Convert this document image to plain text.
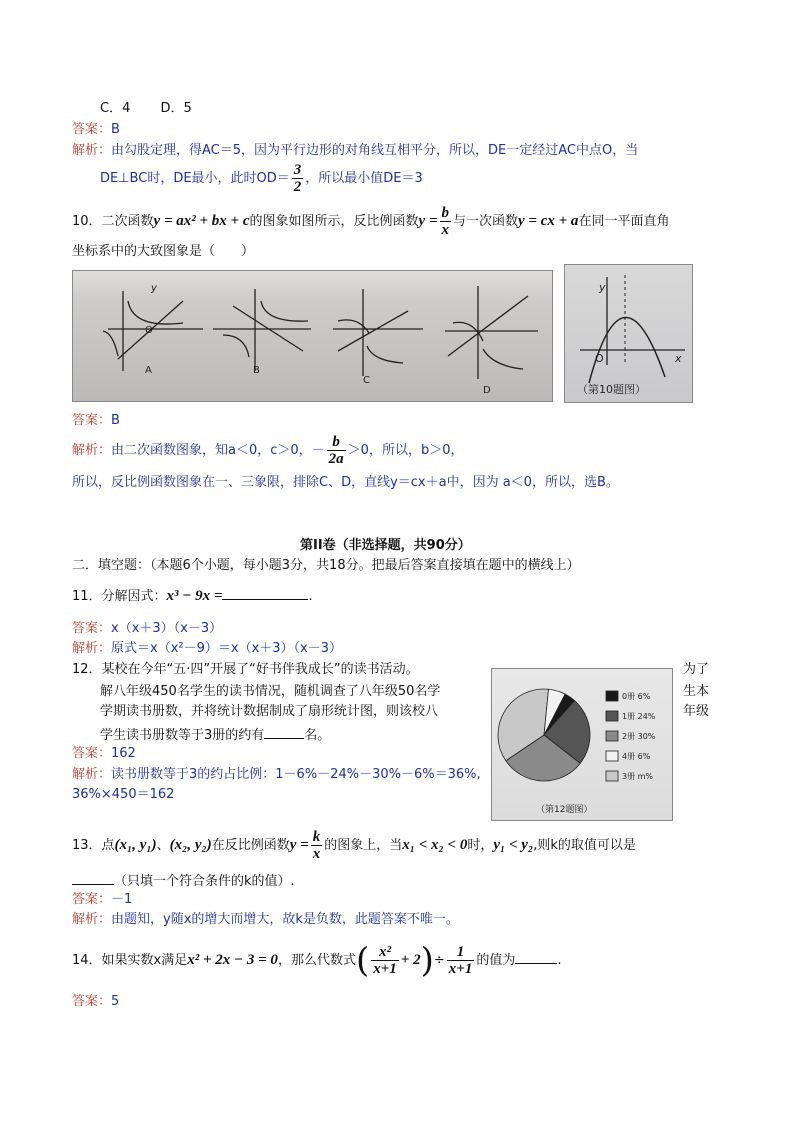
C．4　　 D．5
答案：B
解析：由勾股定理，得AC＝5，因为平行边形的对角线互相平分，所以，DE一定经过AC中点O，当
DE⊥BC时，DE最小，此时$OD= \frac{3}{2}$ ，所以最小值DE＝3
10．二次函数y = ax² + bx + c的图象如图所示，反比例函数$y = \frac{b}{x}$ 与一次函数y = cx + a在同一平面直角
坐标系中的大致图象是（　　）
y
O
A	B
C
D
y
x
O
（第10题图）
答案：B
解析：由二次函数图象，知a＜0，c＞0，－ $\frac{b}{2a} >0$，所以，b＞0，
所以，反比例函数图象在一、三象限，排除C、D，直线y＝cx＋a中，因为 a＜0，所以，选B。
第II卷（非选择题，共90分）
二．填空题：（本题6个小题，每小题3分，共18分。把最后答案直接填在题中的横线上）
11．分解因式：x³ − 9x =	.
答案：x（x＋3）（x－3）
解析：原式＝x（x²－9）＝x（x＋3）（x－3）
12．某校在今年“五·四”开展了“好书伴我成长”的读书活动。	为了
解八年级450名学生的读书情况，随机调查了八年级50名学	生本
学期读书册数，并将统计数据制成了扇形统计图，则该校八	年级
学生读书册数等于3册的约有	名。
答案：162
解析：读书册数等于3的约占比例：1－6%－24%－30%－6%＝36%,
36%×450＝162
0册 6%
1册 24%
2册 30%
4册 6%
3册 m%
（第12题图）
13．点(x₁, y₁)、(x₂, y₂)在反比例函数$y = \frac{k}{x}$ 的图象上，当x₁ < x₂ < 0时，y₁ < y₂,则k的取值可以是
（只填一个符合条件的k的值）.
答案：－1
解析：由题知，y随x的增大而增大，故k是负数，此题答案不唯一。
14．如果实数x满足x² + 2x − 3 = 0，那么代数式( $\frac{\text{x²}}{x+1} + 2)\div \frac{1}{x+1}$ 的值为	.
答案：5
